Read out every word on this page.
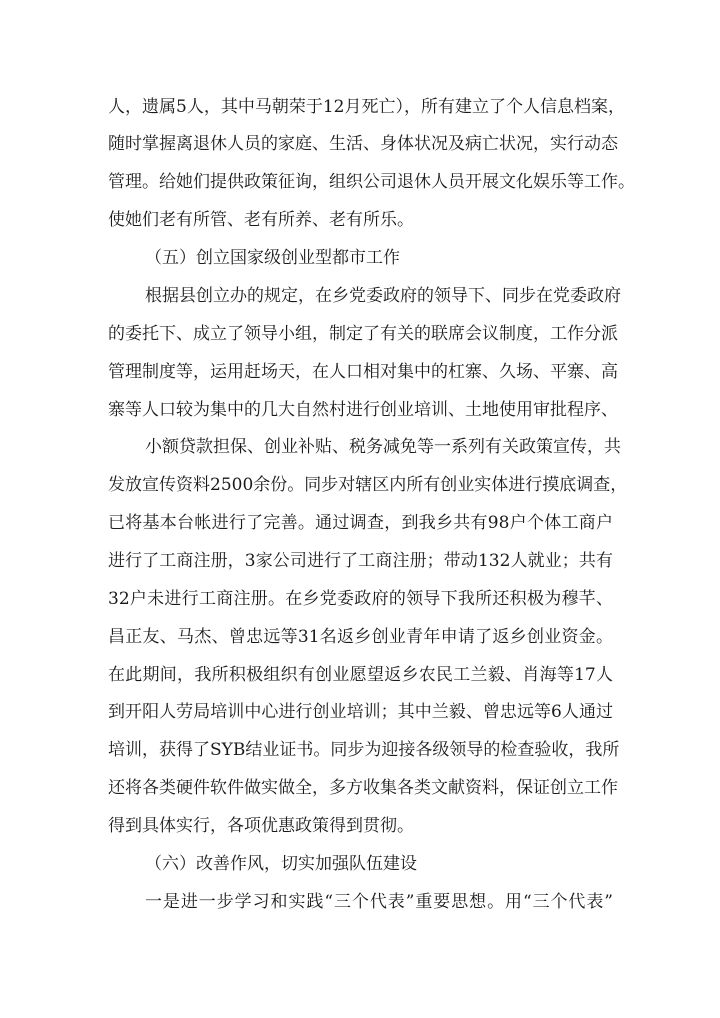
人，遗属5人，其中马朝荣于12月死亡），所有建立了个人信息档案，
随时掌握离退休人员的家庭、生活、身体状况及病亡状况，实行动态
管理。给她们提供政策征询，组织公司退休人员开展文化娱乐等工作。
使她们老有所管、老有所养、老有所乐。
（五）创立国家级创业型都市工作
根据县创立办的规定，在乡党委政府的领导下、同步在党委政府
的委托下、成立了领导小组，制定了有关的联席会议制度，工作分派
管理制度等，运用赶场天，在人口相对集中的杠寨、久场、平寨、高
寨等人口较为集中的几大自然村进行创业培训、土地使用审批程序、
小额贷款担保、创业补贴、税务减免等一系列有关政策宣传，共
发放宣传资料2500余份。同步对辖区内所有创业实体进行摸底调查，
已将基本台帐进行了完善。通过调查，到我乡共有98户个体工商户
进行了工商注册，3家公司进行了工商注册；带动132人就业；共有
32户未进行工商注册。在乡党委政府的领导下我所还积极为穆芊、
昌正友、马杰、曾忠远等31名返乡创业青年申请了返乡创业资金。
在此期间，我所积极组织有创业愿望返乡农民工兰毅、肖海等17人
到开阳人劳局培训中心进行创业培训；其中兰毅、曾忠远等6人通过
培训，获得了SYB结业证书。同步为迎接各级领导的检查验收，我所
还将各类硬件软件做实做全，多方收集各类文献资料，保证创立工作
得到具体实行，各项优惠政策得到贯彻。
（六）改善作风，切实加强队伍建设
一是进一步学习和实践“三个代表”重要思想。用“三个代表”
